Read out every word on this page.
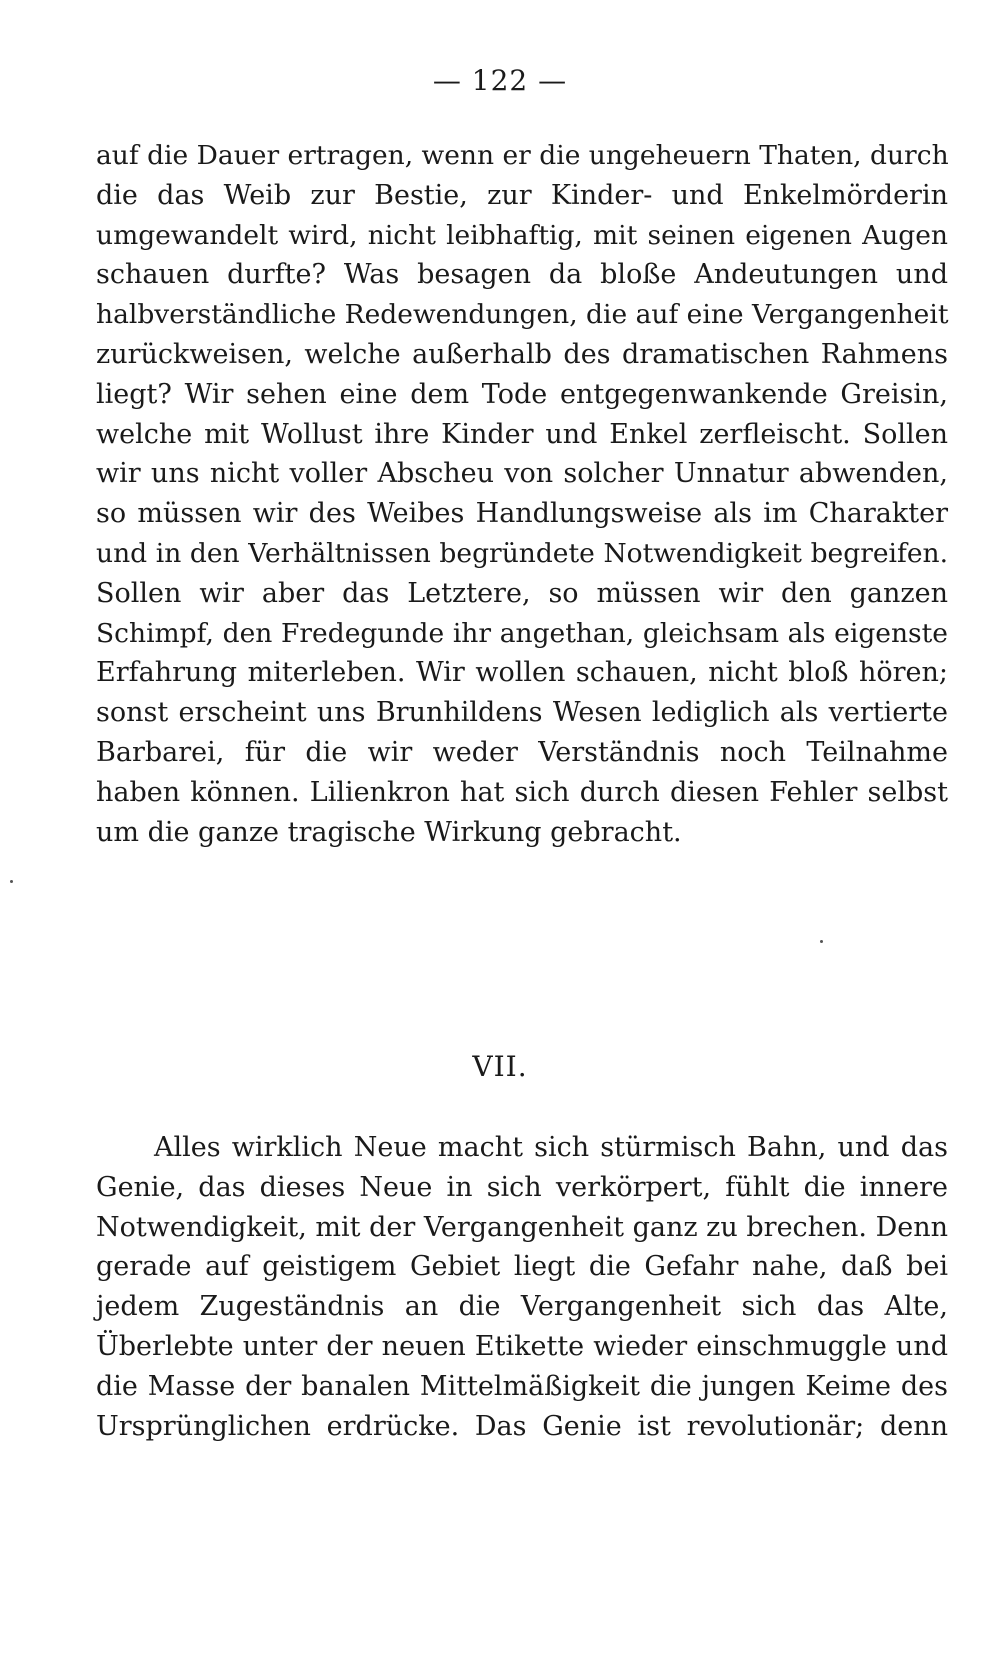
— 122 —
auf die Dauer ertragen, wenn er die ungeheuern Thaten, durch
die das Weib zur Bestie, zur Kinder- und Enkelmörderin
umgewandelt wird, nicht leibhaftig, mit seinen eigenen Augen
schauen durfte? Was besagen da bloße Andeutungen und
halbverständliche Redewendungen, die auf eine Vergangenheit
zurückweisen, welche außerhalb des dramatischen Rahmens
liegt? Wir sehen eine dem Tode entgegenwankende Greisin,
welche mit Wollust ihre Kinder und Enkel zerfleischt. Sollen
wir uns nicht voller Abscheu von solcher Unnatur abwenden,
so müssen wir des Weibes Handlungsweise als im Charakter
und in den Verhältnissen begründete Notwendigkeit begreifen.
Sollen wir aber das Letztere, so müssen wir den ganzen
Schimpf, den Fredegunde ihr angethan, gleichsam als eigenste
Erfahrung miterleben. Wir wollen schauen, nicht bloß hören;
sonst erscheint uns Brunhildens Wesen lediglich als vertierte
Barbarei, für die wir weder Verständnis noch Teilnahme
haben können. Lilienkron hat sich durch diesen Fehler selbst
um die ganze tragische Wirkung gebracht.
VII.
Alles wirklich Neue macht sich stürmisch Bahn, und das
Genie, das dieses Neue in sich verkörpert, fühlt die innere
Notwendigkeit, mit der Vergangenheit ganz zu brechen. Denn
gerade auf geistigem Gebiet liegt die Gefahr nahe, daß bei
jedem Zugeständnis an die Vergangenheit sich das Alte,
Überlebte unter der neuen Etikette wieder einschmuggle und
die Masse der banalen Mittelmäßigkeit die jungen Keime des
Ursprünglichen erdrücke. Das Genie ist revolutionär; denn
